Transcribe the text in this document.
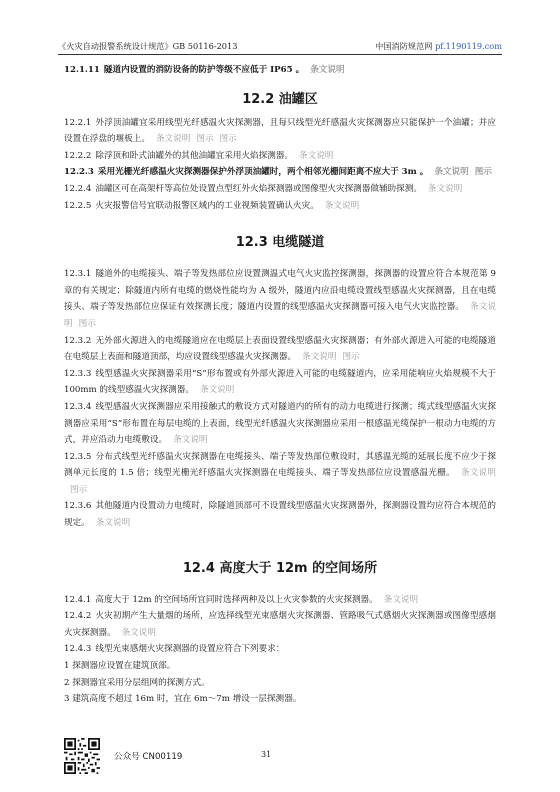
《火灾自动报警系统设计规范》GB 50116-2013	中国消防规范网 pf.1190119.com

12.1.11 隧道内设置的消防设备的防护等级不应低于 IP65 。 条文说明

12.2 油罐区

12.2.1 外浮顶油罐宜采用线型光纤感温火灾探测器，且每只线型光纤感温火灾探测器应只能保护一个油罐；并应设置在浮盘的堰板上。 条文说明 图示 图示

12.2.2 除浮顶和卧式油罐外的其他油罐宜采用火焰探测器。 条文说明

12.2.3 采用光栅光纤感温火灾探测器保护外浮顶油罐时，两个相邻光栅间距离不应大于 3m 。 条文说明 图示

12.2.4 油罐区可在高架杆等高位处设置点型红外火焰探测器或图像型火灾探测器做辅助探测。 条文说明

12.2.5 火灾报警信号宜联动报警区域内的工业视频装置确认火灾。 条文说明

12.3 电缆隧道

12.3.1 隧道外的电缆接头、端子等发热部位应设置测温式电气火灾监控探测器，探测器的设置应符合本规范第 9 章的有关规定；除隧道内所有电缆的燃烧性能均为 A 级外，隧道内应沿电缆设置线型感温火灾探测器，且在电缆接头、端子等发热部位应保证有效探测长度；隧道内设置的线型感温火灾探测器可接入电气火灾监控器。 条文说明 图示

12.3.2 无外部火源进入的电缆隧道应在电缆层上表面设置线型感温火灾探测器；有外部火源进入可能的电缆隧道在电缆层上表面和隧道顶部，均应设置线型感温火灾探测器。 条文说明 图示

12.3.3 线型感温火灾探测器采用“S”形布置或有外部火源进入可能的电缆隧道内，应采用能响应火焰规模不大于 100mm 的线型感温火灾探测器。 条文说明

12.3.4 线型感温火灾探测器应采用接触式的敷设方式对隧道内的所有的动力电缆进行探测；缆式线型感温火灾探测器应采用“S”形布置在每层电缆的上表面，线型光纤感温火灾探测器应采用一根感温光缆保护一根动力电缆的方式，并应沿动力电缆敷设。 条文说明

12.3.5 分布式线型光纤感温火灾探测器在电缆接头、端子等发热部位敷设时，其感温光缆的延展长度不应少于探测单元长度的 1.5 倍；线型光栅光纤感温火灾探测器在电缆接头、端子等发热部位应设置感温光栅。 条文说明图示

12.3.6 其他隧道内设置动力电缆时，除隧道顶部可不设置线型感温火灾探测器外，探测器设置均应符合本规范的规定。 条文说明

12.4 高度大于 12m 的空间场所

12.4.1 高度大于 12m 的空间场所宜同时选择两种及以上火灾参数的火灾探测器。 条文说明

12.4.2 火灾初期产生大量烟的场所，应选择线型光束感烟火灾探测器、管路吸气式感烟火灾探测器或图像型感烟火灾探测器。 条文说明

12.4.3 线型光束感烟火灾探测器的设置应符合下列要求：

1 探测器应设置在建筑顶部。

2 探测器宜采用分层组网的探测方式。

3 建筑高度不超过 16m 时，宜在 6m～7m 增设一层探测器。

公众号 CN00119	31
